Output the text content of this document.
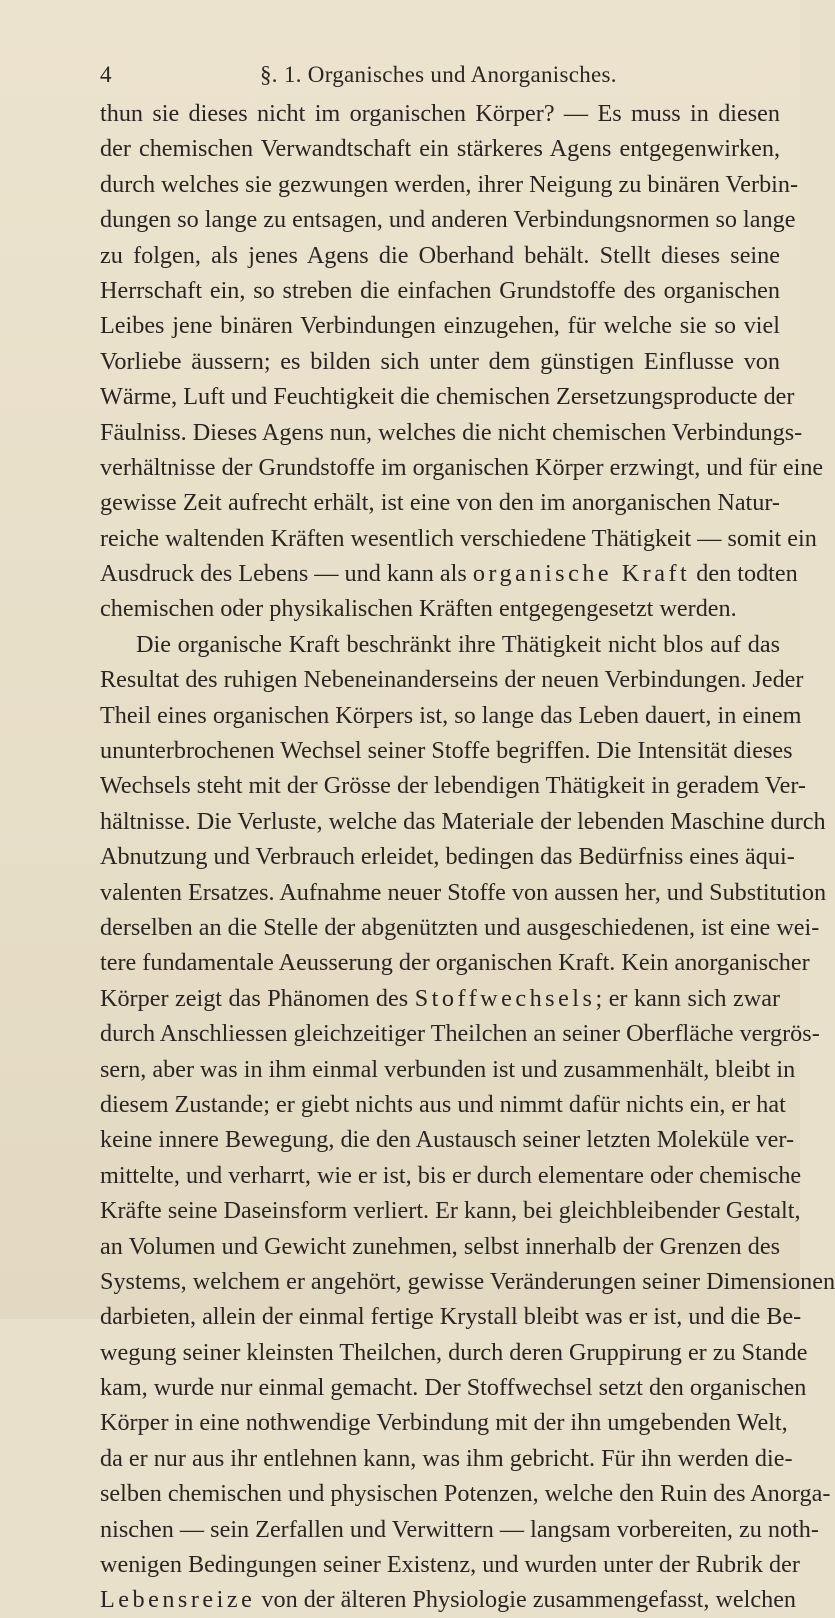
4	§. 1. Organisches und Anorganisches.
thun sie dieses nicht im organischen Körper? — Es muss in diesen
der chemischen Verwandtschaft ein stärkeres Agens entgegenwirken,
durch welches sie gezwungen werden, ihrer Neigung zu binären Verbin-
dungen so lange zu entsagen, und anderen Verbindungsnormen so lange
zu folgen, als jenes Agens die Oberhand behält. Stellt dieses seine
Herrschaft ein, so streben die einfachen Grundstoffe des organischen
Leibes jene binären Verbindungen einzugehen, für welche sie so viel
Vorliebe äussern; es bilden sich unter dem günstigen Einflusse von
Wärme, Luft und Feuchtigkeit die chemischen Zersetzungsproducte der
Fäulniss. Dieses Agens nun, welches die nicht chemischen Verbindungs-
verhältnisse der Grundstoffe im organischen Körper erzwingt, und für eine
gewisse Zeit aufrecht erhält, ist eine von den im anorganischen Natur-
reiche waltenden Kräften wesentlich verschiedene Thätigkeit — somit ein
Ausdruck des Lebens — und kann als organische Kraft den todten
chemischen oder physikalischen Kräften entgegengesetzt werden.
Die organische Kraft beschränkt ihre Thätigkeit nicht blos auf das
Resultat des ruhigen Nebeneinanderseins der neuen Verbindungen. Jeder
Theil eines organischen Körpers ist, so lange das Leben dauert, in einem
ununterbrochenen Wechsel seiner Stoffe begriffen. Die Intensität dieses
Wechsels steht mit der Grösse der lebendigen Thätigkeit in geradem Ver-
hältnisse. Die Verluste, welche das Materiale der lebenden Maschine durch
Abnutzung und Verbrauch erleidet, bedingen das Bedürfniss eines äqui-
valenten Ersatzes. Aufnahme neuer Stoffe von aussen her, und Substitution
derselben an die Stelle der abgenützten und ausgeschiedenen, ist eine wei-
tere fundamentale Aeusserung der organischen Kraft. Kein anorganischer
Körper zeigt das Phänomen des Stoffwechsels; er kann sich zwar
durch Anschliessen gleichzeitiger Theilchen an seiner Oberfläche vergrös-
sern, aber was in ihm einmal verbunden ist und zusammenhält, bleibt in
diesem Zustande; er giebt nichts aus und nimmt dafür nichts ein, er hat
keine innere Bewegung, die den Austausch seiner letzten Moleküle ver-
mittelte, und verharrt, wie er ist, bis er durch elementare oder chemische
Kräfte seine Daseinsform verliert. Er kann, bei gleichbleibender Gestalt,
an Volumen und Gewicht zunehmen, selbst innerhalb der Grenzen des
Systems, welchem er angehört, gewisse Veränderungen seiner Dimensionen
darbieten, allein der einmal fertige Krystall bleibt was er ist, und die Be-
wegung seiner kleinsten Theilchen, durch deren Gruppirung er zu Stande
kam, wurde nur einmal gemacht. Der Stoffwechsel setzt den organischen
Körper in eine nothwendige Verbindung mit der ihn umgebenden Welt,
da er nur aus ihr entlehnen kann, was ihm gebricht. Für ihn werden die-
selben chemischen und physischen Potenzen, welche den Ruin des Anorga-
nischen — sein Zerfallen und Verwittern — langsam vorbereiten, zu noth-
wenigen Bedingungen seiner Existenz, und wurden unter der Rubrik der
Lebensreize von der älteren Physiologie zusammengefasst, welchen
